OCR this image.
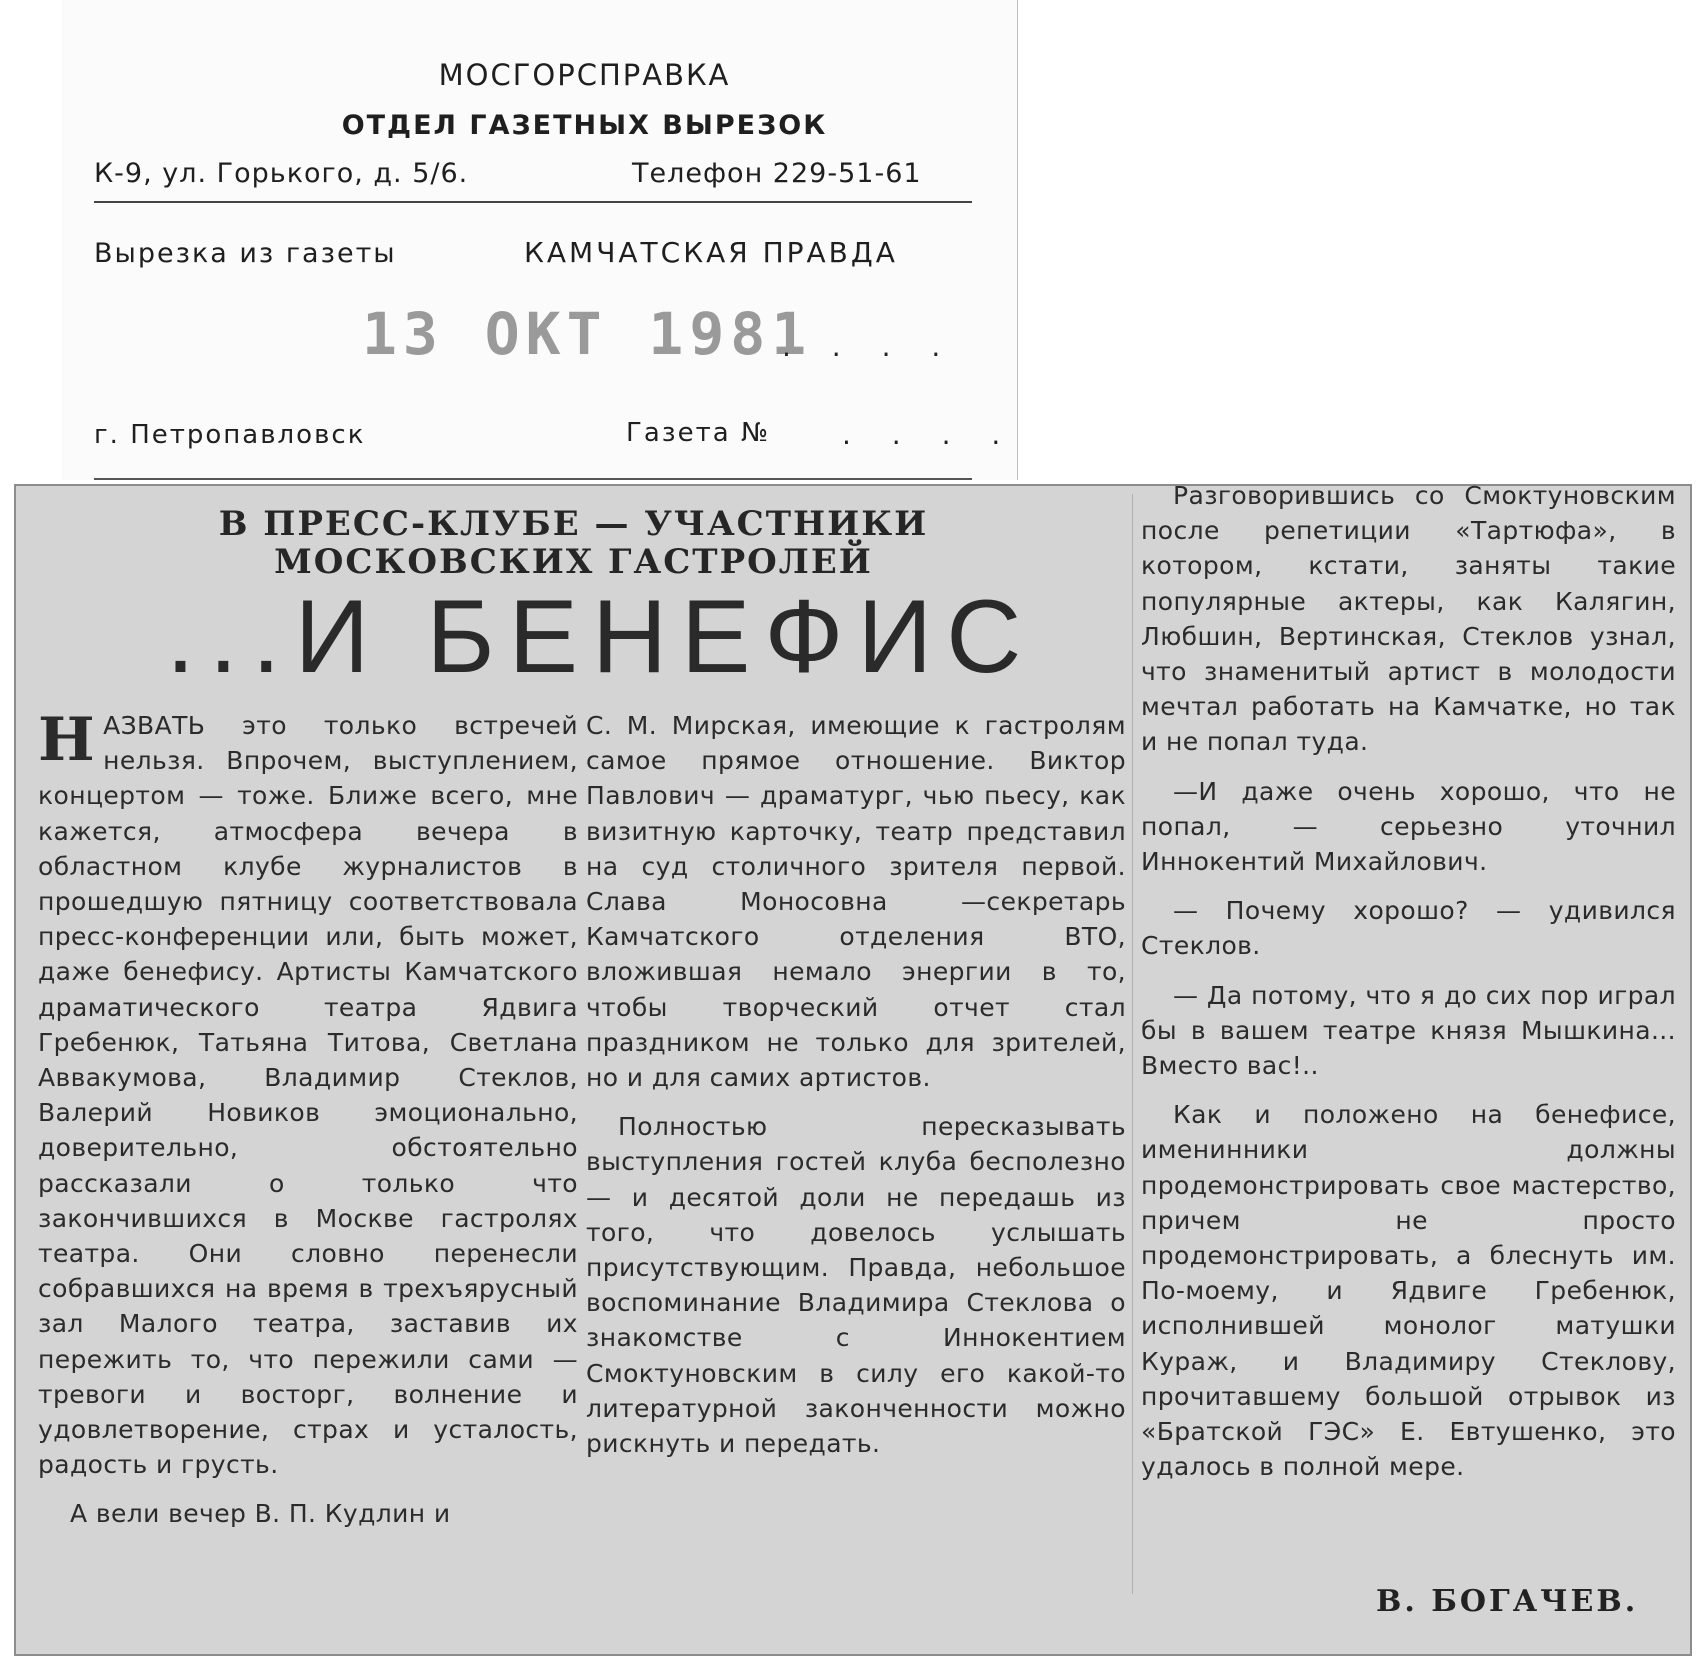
МОСГОРСПРАВКА
ОТДЕЛ ГАЗЕТНЫХ ВЫРЕЗОК
К-9, ул. Горького, д. 5/6.	Телефон 229-51-61
Вырезка из газеты	КАМЧАТСКАЯ ПРАВДА
13 ОКТ 1981
. . . .
г. Петропавловск	Газета №	. . . .
В ПРЕСС-КЛУБЕ — УЧАСТНИКИ
МОСКОВСКИХ ГАСТРОЛЕЙ
...И БЕНЕФИС

НАЗВАТЬ это только встречей нельзя. Впрочем, выступлением, концертом — тоже. Ближе всего, мне кажется, атмосфера вечера в областном клубе журналистов в прошедшую пятницу соответствовала пресс-конференции или, быть может, даже бенефису. Артисты Камчатского драматического театра Ядвига Гребенюк, Татьяна Титова, Светлана Аввакумова, Владимир Стеклов, Валерий Новиков эмоционально, доверительно, обстоятельно рассказали о только что закончившихся в Москве гастролях театра. Они словно перенесли собравшихся на время в трехъярусный зал Малого театра, заставив их пережить то, что пережили сами — тревоги и восторг, волнение и удовлетворение, страх и усталость, радость и грусть.

А вели вечер В. П. Кудлин и

С. М. Мирская, имеющие к гастролям самое прямое отношение. Виктор Павлович — драматург, чью пьесу, как визитную карточку, театр представил на суд столичного зрителя первой. Слава Моносовна —секретарь Камчатского отделения ВТО, вложившая немало энергии в то, чтобы творческий отчет стал праздником не только для зрителей, но и для самих артистов.

Полностью пересказывать выступления гостей клуба бесполезно — и десятой доли не передашь из того, что довелось услышать присутствующим. Правда, небольшое воспоминание Владимира Стеклова о знакомстве с Иннокентием Смоктуновским в силу его какой-то литературной законченности можно рискнуть и передать.

Разговорившись со Смоктуновским после репетиции «Тартюфа», в котором, кстати, заняты такие популярные актеры, как Калягин, Любшин, Вертинская, Стеклов узнал, что знаменитый артист в молодости мечтал работать на Камчатке, но так и не попал туда.

—И даже очень хорошо, что не попал, — серьезно уточнил Иннокентий Михайлович.

— Почему хорошо? — удивился Стеклов.

— Да потому, что я до сих пор играл бы в вашем театре князя Мышкина... Вместо вас!..

Как и положено на бенефисе, именинники должны продемонстрировать свое мастерство, причем не просто продемонстрировать, а блеснуть им. По-моему, и Ядвиге Гребенюк, исполнившей монолог матушки Кураж, и Владимиру Стеклову, прочитавшему большой отрывок из «Братской ГЭС» Е. Евтушенко, это удалось в полной мере.

В. БОГАЧЕВ.
